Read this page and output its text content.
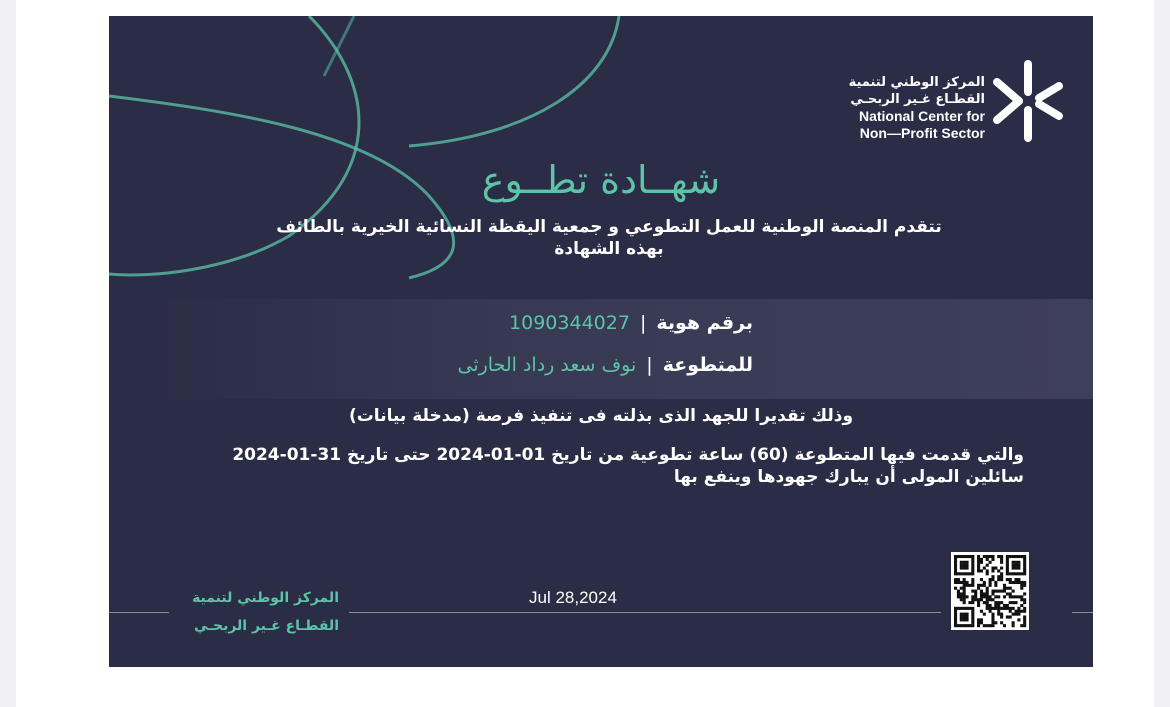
المركز الوطني لتنمية
القطـاع غـير الربحـي
National Center for
Non—Profit Sector
شهــادة تطــوع
تتقدم المنصة الوطنية للعمل التطوعي و جمعية اليقظة النسائية الخيرية بالطائف بهذه الشهادة
برقم هوية|1090344027
للمتطوعة|نوف سعد رداد الحارثى
وذلك تقديرا للجهد الذى بذلته فى تنفيذ فرصة (مدخلة بيانات)
والتي قدمت فيها المتطوعة (60) ساعة تطوعية من تاريخ 01-01-2024 حتى تاريخ 31-01-2024 سائلين المولى أن يبارك جهودها وينفع بها
Jul 28,2024
المركز الوطني لتنمية
القطـاع غـير الربحـي
